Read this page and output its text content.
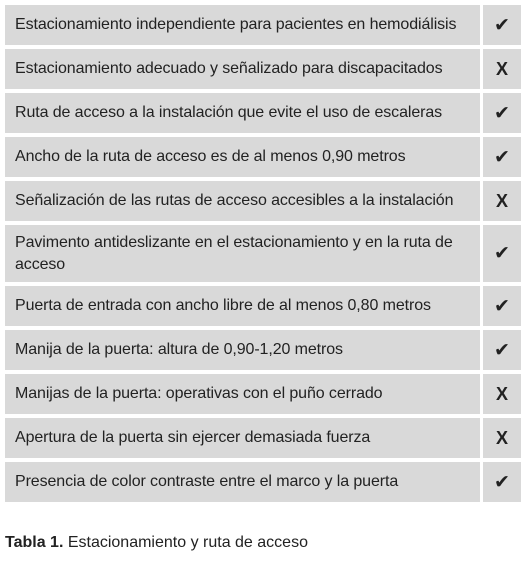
Estacionamiento independiente para pacientes en hemodiálisis	✔
Estacionamiento adecuado y señalizado para discapacitados	X
Ruta de acceso a la instalación que evite el uso de escaleras	✔
Ancho de la ruta de acceso es de al menos 0,90 metros	✔
Señalización de las rutas de acceso accesibles a la instalación	X
Pavimento antideslizante en el estacionamiento y en la ruta de acceso	✔
Puerta de entrada con ancho libre de al menos 0,80 metros	✔
Manija de la puerta: altura de 0,90-1,20 metros	✔
Manijas de la puerta: operativas con el puño cerrado	X
Apertura de la puerta sin ejercer demasiada fuerza	X
Presencia de color contraste entre el marco y la puerta	✔
Tabla 1. Estacionamiento y ruta de acceso
